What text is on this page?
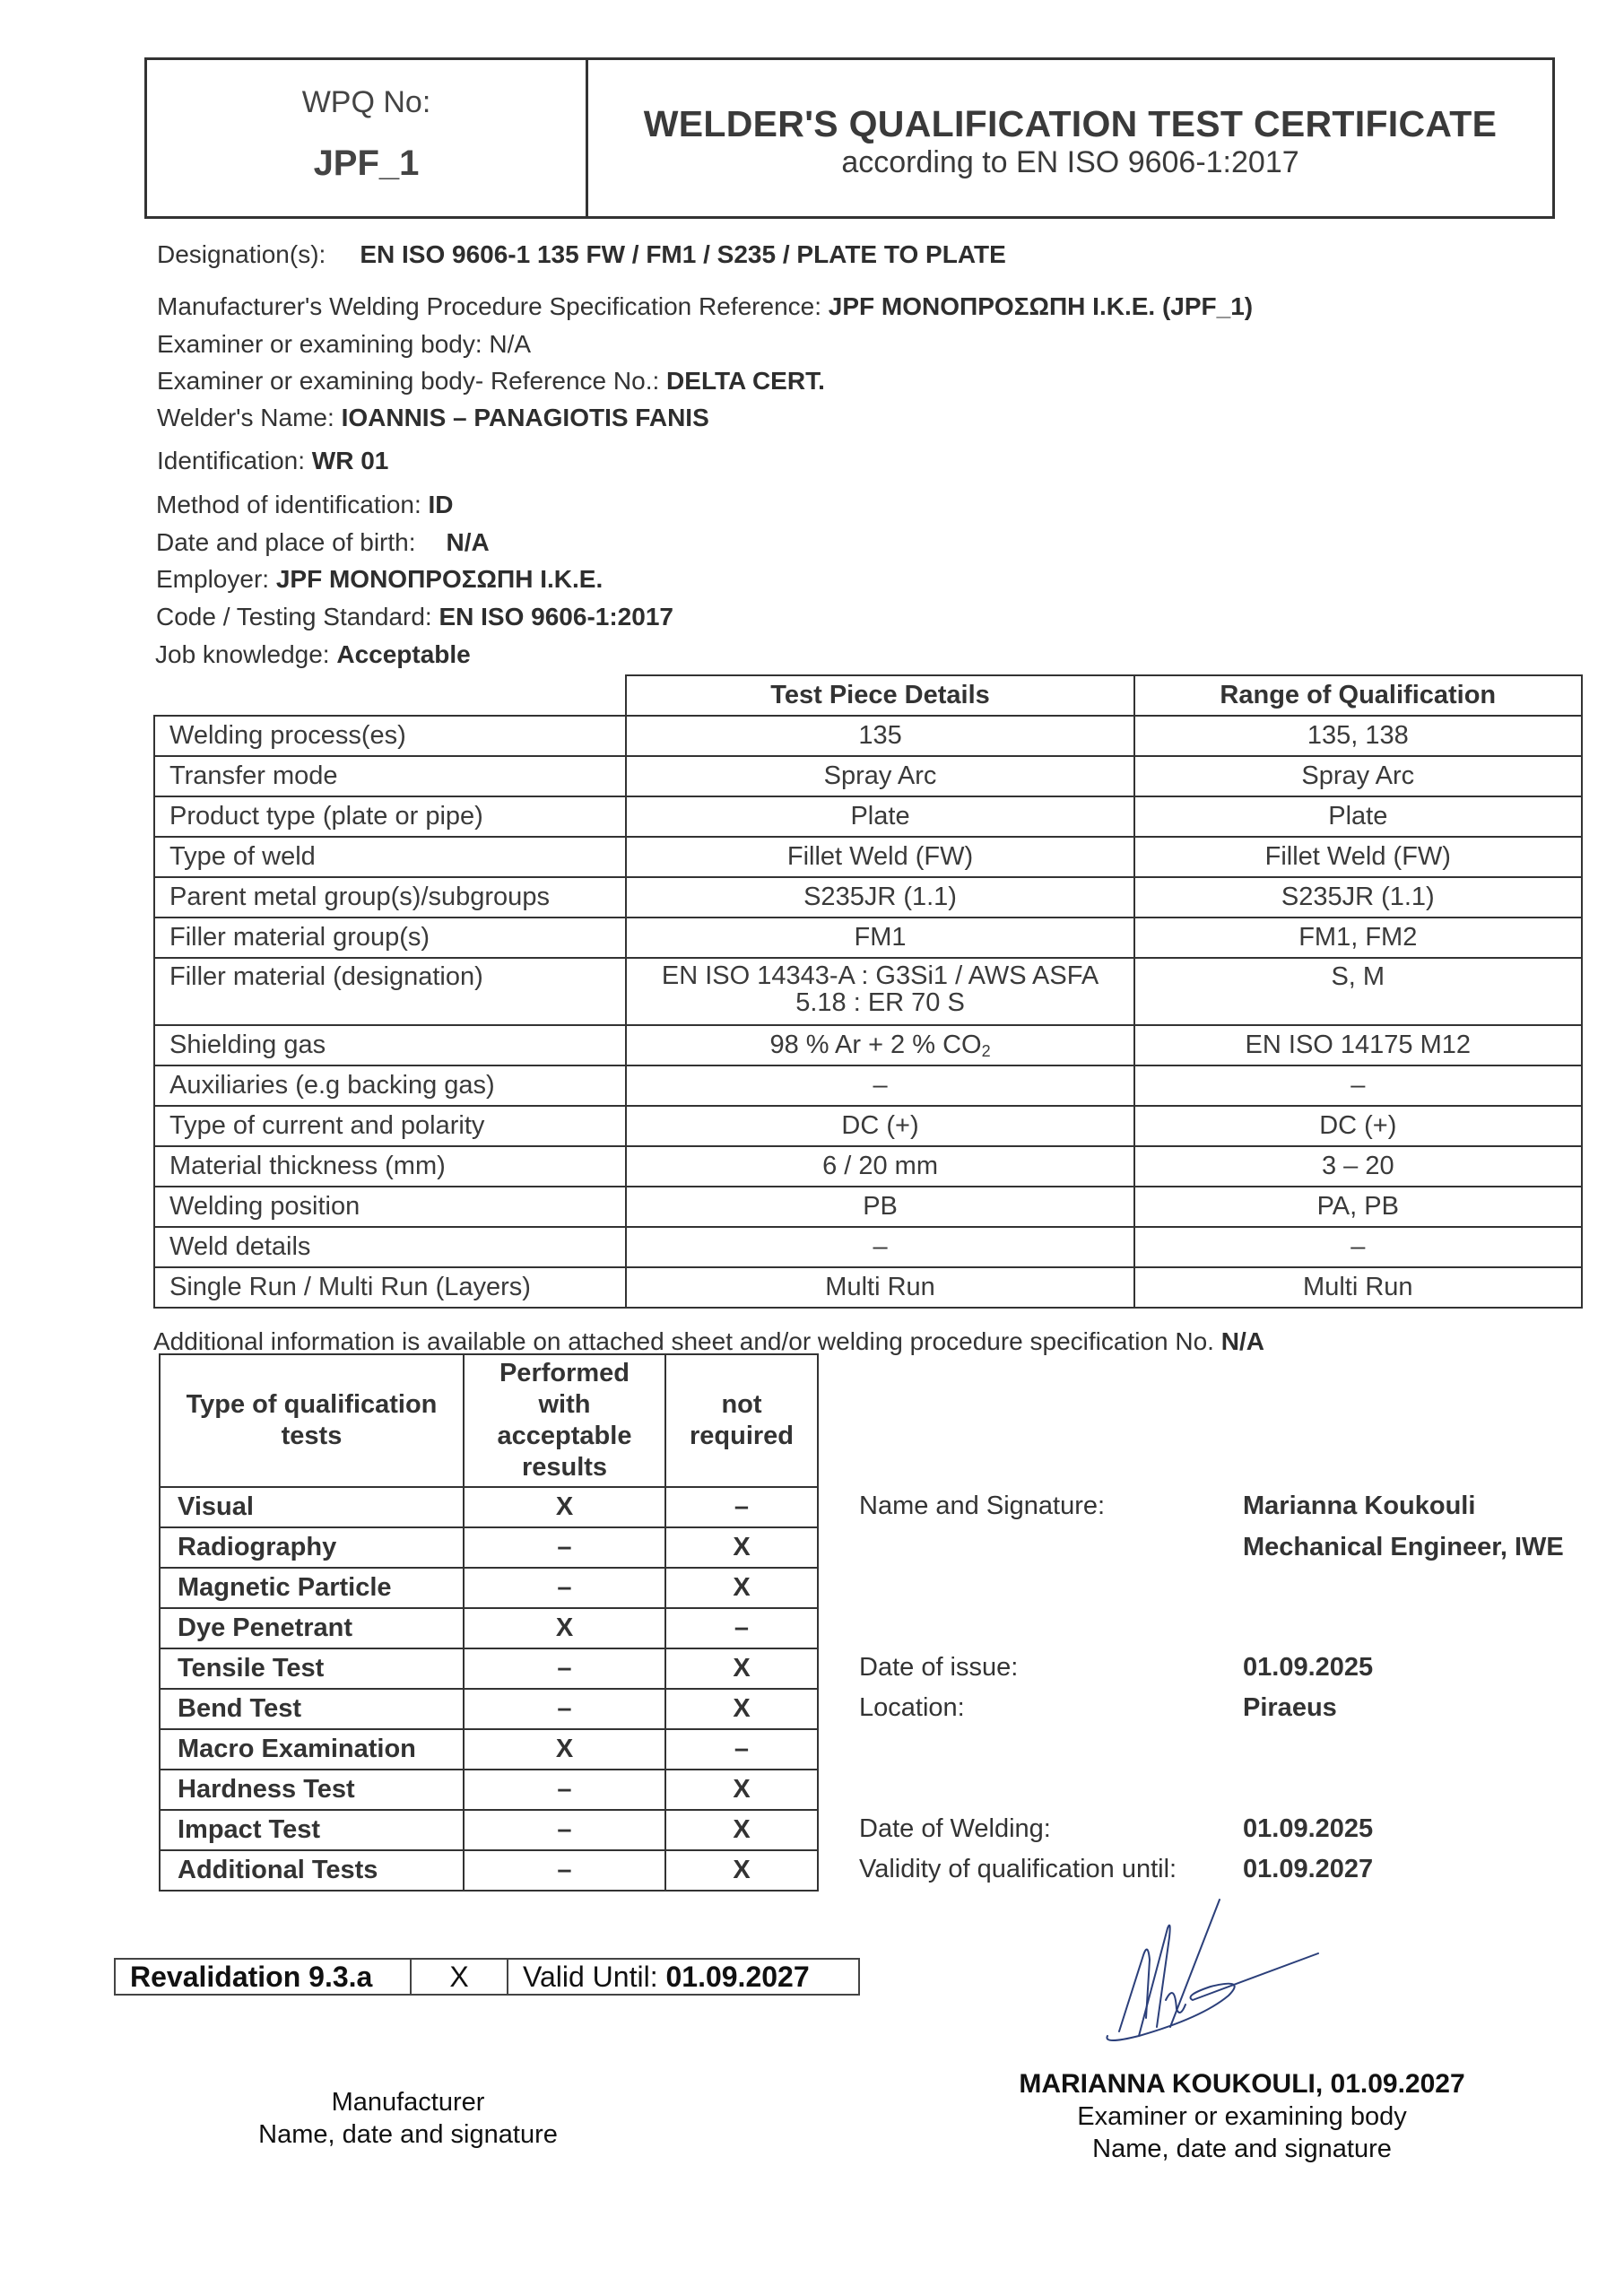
WPQ No:
JPF_1
WELDER'S QUALIFICATION TEST CERTIFICATE
according to EN ISO 9606-1:2017
Designation(s): EN ISO 9606-1 135 FW / FM1 / S235 / PLATE TO PLATE
Manufacturer's Welding Procedure Specification Reference: JPF ΜΟΝΟΠΡΟΣΩΠΗ Ι.Κ.Ε. (JPF_1)
Examiner or examining body: N/A
Examiner or examining body- Reference No.: DELTA CERT.
Welder's Name: IOANNIS – PANAGIOTIS FANIS
Identification: WR 01
Method of identification: ID
Date and place of birth: N/A
Employer: JPF ΜΟΝΟΠΡΟΣΩΠΗ Ι.Κ.Ε.
Code / Testing Standard: EN ISO 9606-1:2017
Job knowledge: Acceptable
	Test Piece Details	Range of Qualification
Welding process(es)	135	135, 138
Transfer mode	Spray Arc	Spray Arc
Product type (plate or pipe)	Plate	Plate
Type of weld	Fillet Weld (FW)	Fillet Weld (FW)
Parent metal group(s)/subgroups	S235JR (1.1)	S235JR (1.1)
Filler material group(s)	FM1	FM1, FM2
Filler material (designation)	EN ISO 14343-A : G3Si1 / AWS ASFA 5.18 : ER 70 S	S, M
Shielding gas	98 % Ar + 2 % $CO_2$	EN ISO 14175 M12
Auxiliaries (e.g backing gas)	–	–
Type of current and polarity	DC (+)	DC (+)
Material thickness (mm)	6 / 20 mm	3 – 20
Welding position	PB	PA, PB
Weld details	–	–
Single Run / Multi Run (Layers)	Multi Run	Multi Run
Additional information is available on attached sheet and/or welding procedure specification No. N/A
Type of qualification tests	Performed with acceptable results	not required
Visual	X	–
Radiography	–	X
Magnetic Particle	–	X
Dye Penetrant	X	–
Tensile Test	–	X
Bend Test	–	X
Macro Examination	X	–
Hardness Test	–	X
Impact Test	–	X
Additional Tests	–	X
Name and Signature:	Marianna Koukouli
Mechanical Engineer, IWE
Date of issue:	01.09.2025
Location:	Piraeus
Date of Welding:	01.09.2025
Validity of qualification until:	01.09.2027
Revalidation 9.3.a	X	Valid Until: 01.09.2027
Manufacturer
Name, date and signature
MARIANNA KOUKOULI, 01.09.2027
Examiner or examining body
Name, date and signature
